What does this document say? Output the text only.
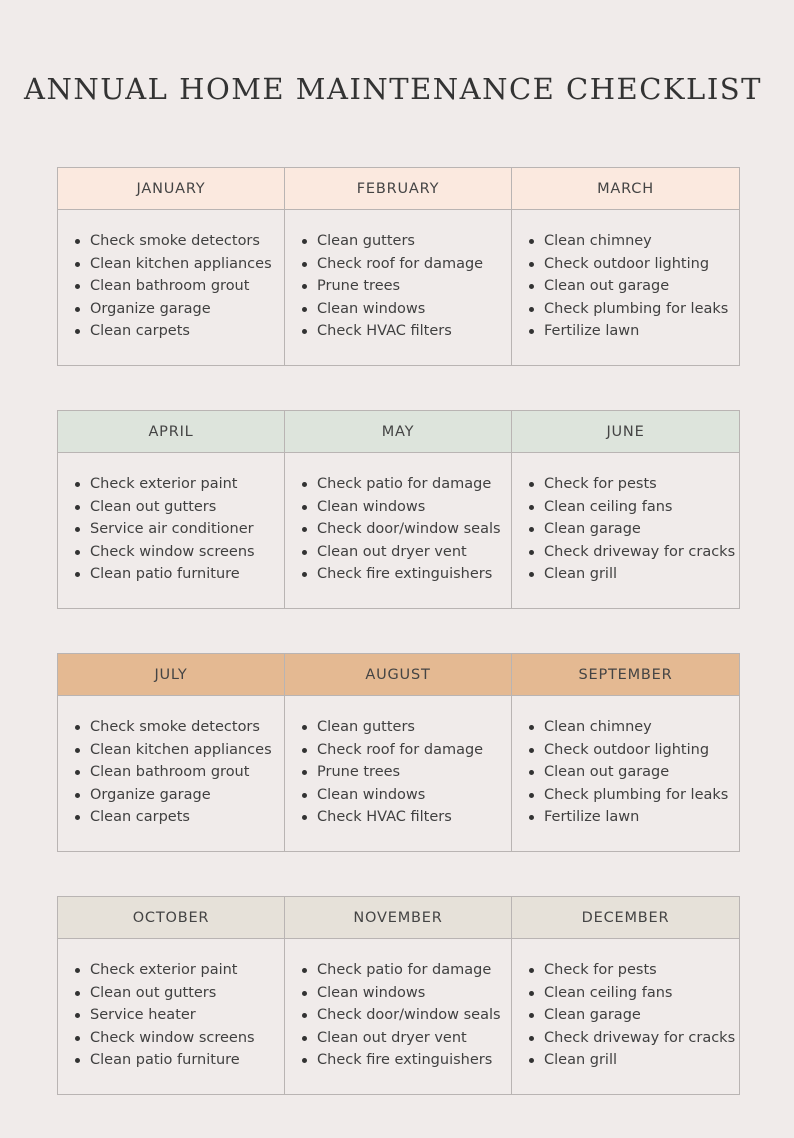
ANNUAL HOME MAINTENANCE CHECKLIST
JANUARY
Check smoke detectors
Clean kitchen appliances
Clean bathroom grout
Organize garage
Clean carpets
FEBRUARY
Clean gutters
Check roof for damage
Prune trees
Clean windows
Check HVAC filters
MARCH
Clean chimney
Check outdoor lighting
Clean out garage
Check plumbing for leaks
Fertilize lawn
APRIL
Check exterior paint
Clean out gutters
Service air conditioner
Check window screens
Clean patio furniture
MAY
Check patio for damage
Clean windows
Check door/window seals
Clean out dryer vent
Check fire extinguishers
JUNE
Check for pests
Clean ceiling fans
Clean garage
Check driveway for cracks
Clean grill
JULY
Check smoke detectors
Clean kitchen appliances
Clean bathroom grout
Organize garage
Clean carpets
AUGUST
Clean gutters
Check roof for damage
Prune trees
Clean windows
Check HVAC filters
SEPTEMBER
Clean chimney
Check outdoor lighting
Clean out garage
Check plumbing for leaks
Fertilize lawn
OCTOBER
Check exterior paint
Clean out gutters
Service heater
Check window screens
Clean patio furniture
NOVEMBER
Check patio for damage
Clean windows
Check door/window seals
Clean out dryer vent
Check fire extinguishers
DECEMBER
Check for pests
Clean ceiling fans
Clean garage
Check driveway for cracks
Clean grill
